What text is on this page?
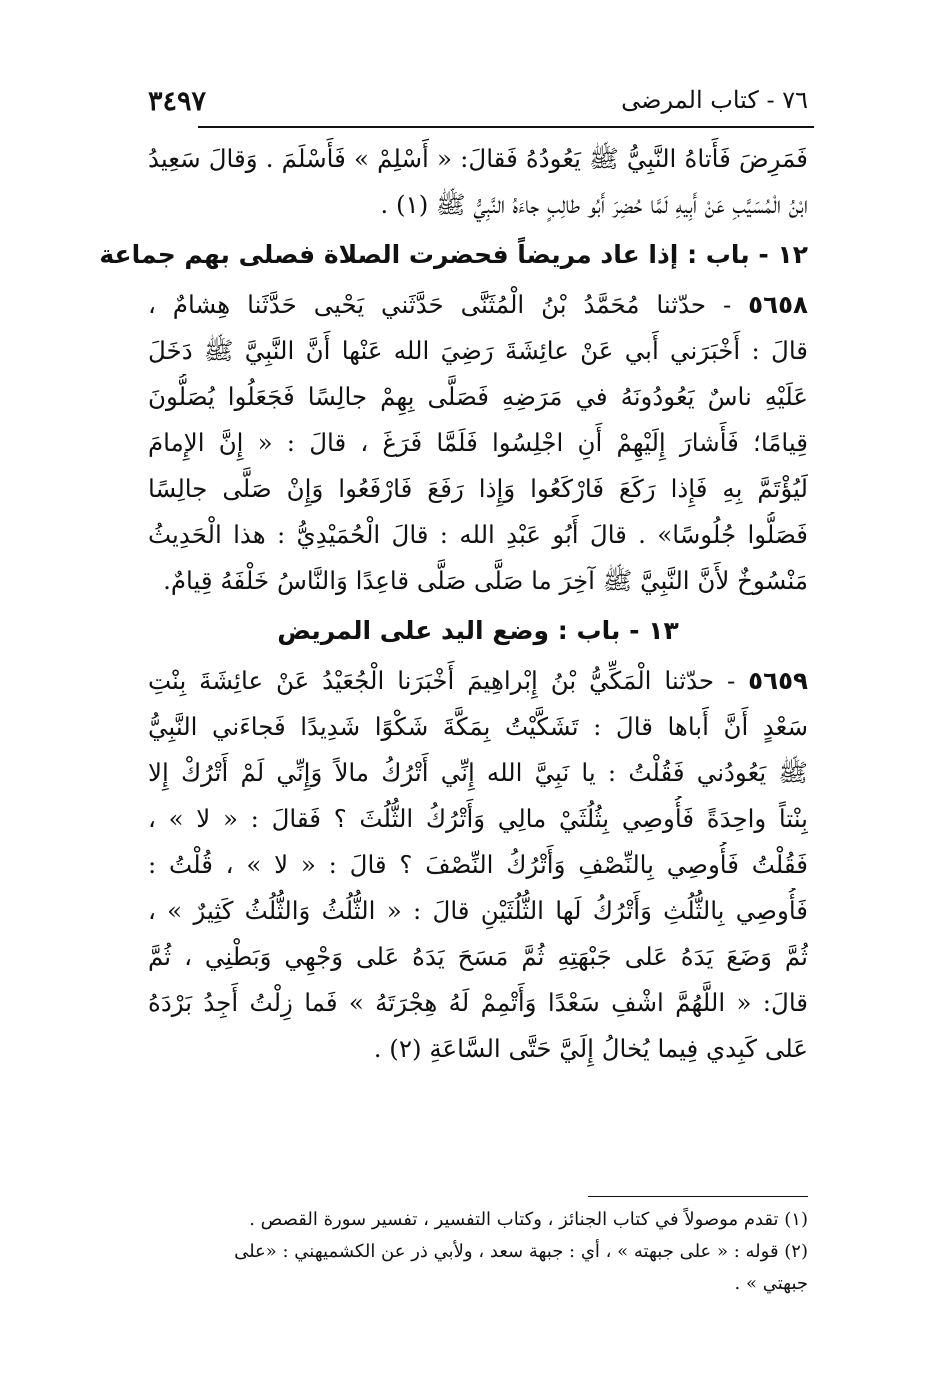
٣٤٩٧	٧٦ - كتاب المرضى
فَمَرِضَ فَأَتاهُ النَّبِيُّ ﷺ يَعُودُهُ فَقالَ: « أَسْلِمْ » فَأَسْلَمَ . وَقالَ سَعِيدُ
ابْنُ الْمُسَيَّبِ عَنْ أَبِيهِ لَمَّا حُضِرَ أَبُو طالِبٍ جاءَهُ النَّبِيُّ ﷺ (١) .
١٢ - باب : إذا عاد مريضاً فحضرت الصلاة فصلى بهم جماعة
٥٦٥٨ - حدّثنا مُحَمَّدُ بْنُ الْمُثَنَّى حَدَّثَني يَحْيى حَدَّثَنا هِشامٌ ،
قالَ : أَخْبَرَني أَبي عَنْ عائِشَةَ رَضِيَ الله عَنْها أَنَّ النَّبِيَّ ﷺ دَخَلَ
عَلَيْهِ ناسٌ يَعُودُونَهُ في مَرَضِهِ فَصَلَّى بِهِمْ جالِسًا فَجَعَلُوا يُصَلُّونَ
قِيامًا؛ فَأَشارَ إِلَيْهِمْ أَنِ اجْلِسُوا فَلَمَّا فَرَغَ ، قالَ : « إِنَّ الإِمامَ
لَيُؤْتَمَّ بِهِ فَإِذا رَكَعَ فَارْكَعُوا وَإِذا رَفَعَ فَارْفَعُوا وَإِنْ صَلَّى جالِسًا
فَصَلُّوا جُلُوسًا» . قالَ أَبُو عَبْدِ الله : قالَ الْحُمَيْدِيُّ : هذا الْحَدِيثُ
مَنْسُوخٌ لأَنَّ النَّبِيَّ ﷺ آخِرَ ما صَلَّى صَلَّى قاعِدًا وَالنَّاسُ خَلْفَهُ قِيامٌ.
١٣ - باب : وضع اليد على المريض
٥٦٥٩ - حدّثنا الْمَكِّيُّ بْنُ إِبْراهِيمَ أَخْبَرَنا الْجُعَيْدُ عَنْ عائِشَةَ بِنْتِ
سَعْدٍ أَنَّ أَباها قالَ : تَشَكَّيْتُ بِمَكَّةَ شَكْوًا شَدِيدًا فَجاءَني النَّبِيُّ
ﷺ يَعُودُني فَقُلْتُ : يا نَبِيَّ الله إِنِّي أَتْرُكُ مالاً وَإِنِّي لَمْ أَتْرُكْ إِلا
بِنْتاً واحِدَةً فَأُوصِي بِثُلُثَيْ مالِي وَأَتْرُكُ الثُّلُثَ ؟ فَقالَ : « لا » ،
فَقُلْتُ فَأُوصِي بِالنِّصْفِ وَأَتْرُكُ النِّصْفَ ؟ قالَ : « لا » ، قُلْتُ :
فَأُوصِي بِالثُّلُثِ وَأَتْرُكُ لَها الثُّلُثَيْنِ قالَ : « الثُّلُثُ وَالثُّلُثُ كَثِيرٌ » ،
ثُمَّ وَضَعَ يَدَهُ عَلى جَبْهَتِهِ ثُمَّ مَسَحَ يَدَهُ عَلى وَجْهِي وَبَطْنِي ، ثُمَّ
قالَ: « اللَّهُمَّ اشْفِ سَعْدًا وَأَتْمِمْ لَهُ هِجْرَتَهُ » فَما زِلْتُ أَجِدُ بَرْدَهُ
عَلى كَبِدي فِيما يُخالُ إِلَيَّ حَتَّى السَّاعَةِ (٢) .
(١) تقدم موصولاً في كتاب الجنائز ، وكتاب التفسير ، تفسير سورة القصص .
(٢) قوله : « على جبهته » ، أي : جبهة سعد ، ولأبي ذر عن الكشميهني : «على
جبهتي » .
